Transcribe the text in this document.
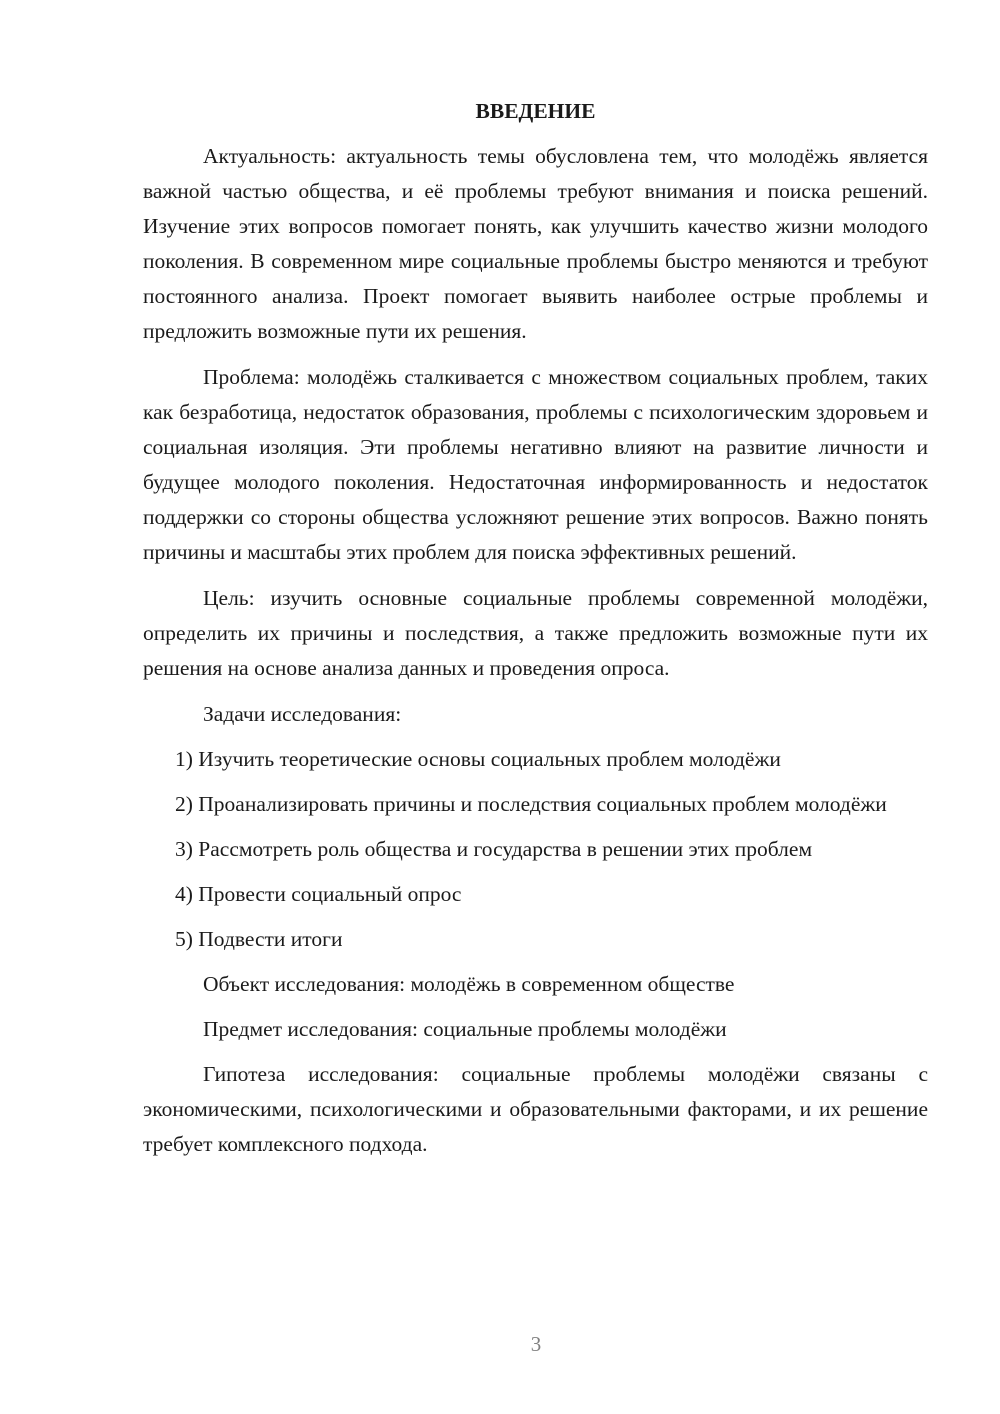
ВВЕДЕНИЕ

Актуальность: актуальность темы обусловлена тем, что молодёжь является важной частью общества, и её проблемы требуют внимания и поиска решений. Изучение этих вопросов помогает понять, как улучшить качество жизни молодого поколения. В современном мире социальные проблемы быстро меняются и требуют постоянного анализа. Проект помогает выявить наиболее острые проблемы и предложить возможные пути их решения.

Проблема: молодёжь сталкивается с множеством социальных проблем, таких как безработица, недостаток образования, проблемы с психологическим здоровьем и социальная изоляция. Эти проблемы негативно влияют на развитие личности и будущее молодого поколения. Недостаточная информированность и недостаток поддержки со стороны общества усложняют решение этих вопросов. Важно понять причины и масштабы этих проблем для поиска эффективных решений.

Цель: изучить основные социальные проблемы современной молодёжи, определить их причины и последствия, а также предложить возможные пути их решения на основе анализа данных и проведения опроса.

Задачи исследования:

1) Изучить теоретические основы социальных проблем молодёжи

2) Проанализировать причины и последствия социальных проблем молодёжи

3) Рассмотреть роль общества и государства в решении этих проблем

4) Провести социальный опрос

5) Подвести итоги

Объект исследования: молодёжь в современном обществе

Предмет исследования: социальные проблемы молодёжи

Гипотеза исследования: социальные проблемы молодёжи связаны с экономическими, психологическими и образовательными факторами, и их решение требует комплексного подхода.

3
